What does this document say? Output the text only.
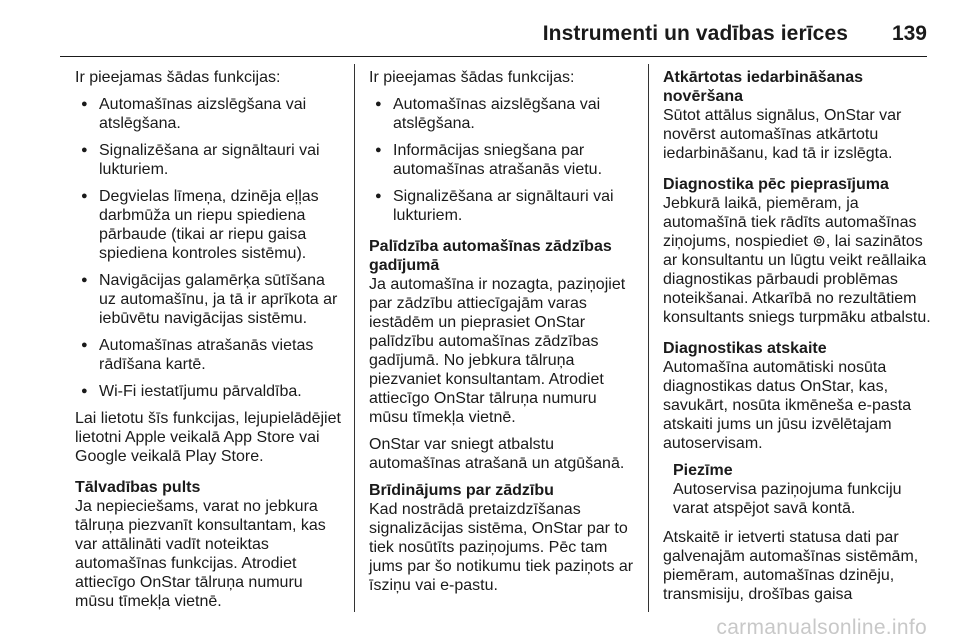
Instrumenti un vadības ierīces 139

Ir pieejamas šādas funkcijas:

● Automašīnas aizslēgšana vai atslēgšana.
● Signalizēšana ar signāltauri vai lukturiem.
● Degvielas līmeņa, dzinēja eļļas darbmūža un riepu spiediena pārbaude (tikai ar riepu gaisa spiediena kontroles sistēmu).
● Navigācijas galamērķa sūtīšana uz automašīnu, ja tā ir aprīkota ar iebūvētu navigācijas sistēmu.
● Automašīnas atrašanās vietas rādīšana kartē.
● Wi-Fi iestatījumu pārvaldība.

Lai lietotu šīs funkcijas, lejupielādējiet lietotni Apple veikalā App Store vai Google veikalā Play Store.

Tālvadības pults

Ja nepieciešams, varat no jebkura tālruņa piezvanīt konsultantam, kas var attālināti vadīt noteiktas automašīnas funkcijas. Atrodiet attiecīgo OnStar tālruņa numuru mūsu tīmekļa vietnē.

Ir pieejamas šādas funkcijas:

● Automašīnas aizslēgšana vai atslēgšana.
● Informācijas sniegšana par automašīnas atrašanās vietu.
● Signalizēšana ar signāltauri vai lukturiem.

Palīdzība automašīnas zādzības gadījumā

Ja automašīna ir nozagta, paziņojiet par zādzību attiecīgajām varas iestādēm un pieprasiet OnStar palīdzību automašīnas zādzības gadījumā. No jebkura tālruņa piezvaniet konsultantam. Atrodiet attiecīgo OnStar tālruņa numuru mūsu tīmekļa vietnē.

OnStar var sniegt atbalstu automašīnas atrašanā un atgūšanā.

Brīdinājums par zādzību

Kad nostrādā pretaizdzīšanas signalizācijas sistēma, OnStar par to tiek nosūtīts paziņojums. Pēc tam jums par šo notikumu tiek paziņots ar īsziņu vai e-pastu.

Atkārtotas iedarbināšanas novēršana

Sūtot attālus signālus, OnStar var novērst automašīnas atkārtotu iedarbināšanu, kad tā ir izslēgta.

Diagnostika pēc pieprasījuma

Jebkurā laikā, piemēram, ja automašīnā tiek rādīts automašīnas ziņojums, nospiediet ⊚, lai sazinātos ar konsultantu un lūgtu veikt reāllaika diagnostikas pārbaudi problēmas noteikšanai. Atkarībā no rezultātiem konsultants sniegs turpmāku atbalstu.

Diagnostikas atskaite

Automašīna automātiski nosūta diagnostikas datus OnStar, kas, savukārt, nosūta ikmēneša e-pasta atskaiti jums un jūsu izvēlētajam autoservisam.

Piezīme

Autoservisa paziņojuma funkciju varat atspējot savā kontā.

Atskaitē ir ietverti statusa dati par galvenajām automašīnas sistēmām, piemēram, automašīnas dzinēju, transmisiju, drošības gaisa

carmanualsonline.info
